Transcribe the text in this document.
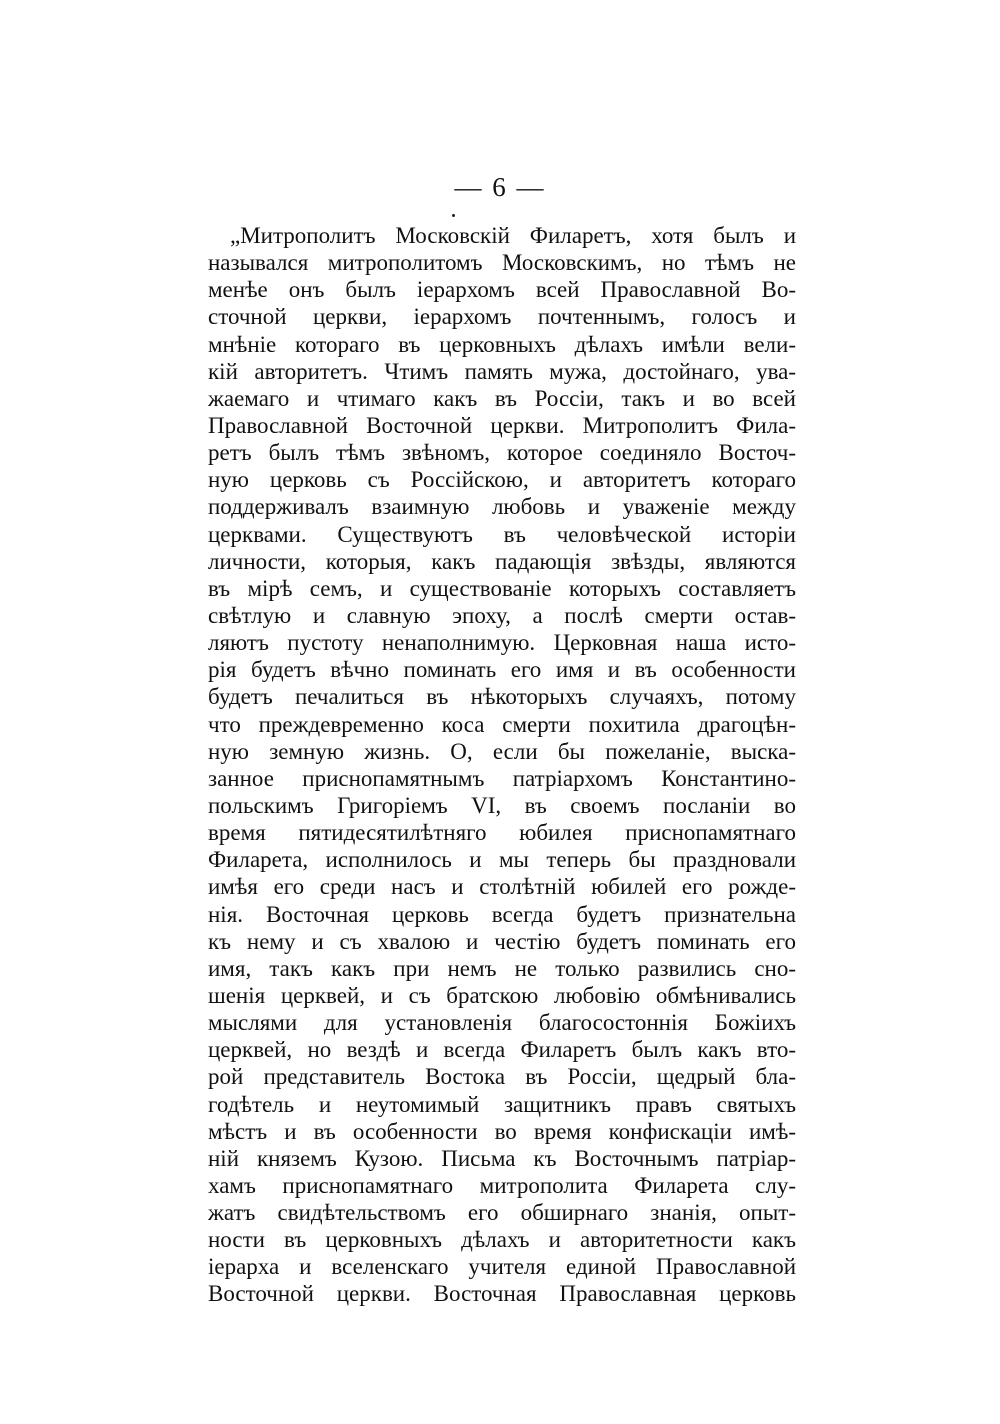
— 6 —
„Митрополитъ Московскій Филаретъ, хотя былъ и
назывался митрополитомъ Московскимъ, но тѣмъ не
менѣе онъ былъ іерархомъ всей Православной Во-
сточной церкви, іерархомъ почтеннымъ, голосъ и
мнѣніе котораго въ церковныхъ дѣлахъ имѣли вели-
кій авторитетъ. Чтимъ память мужа, достойнаго, ува-
жаемаго и чтимаго какъ въ Россіи, такъ и во всей
Православной Восточной церкви. Митрополитъ Фила-
ретъ былъ тѣмъ звѣномъ, которое соединяло Восточ-
ную церковь съ Россійскою, и авторитетъ котораго
поддерживалъ взаимную любовь и уваженіе между
церквами. Существуютъ въ человѣческой исторіи
личности, которыя, какъ падающія звѣзды, являются
въ мірѣ семъ, и существованіе которыхъ составляетъ
свѣтлую и славную эпоху, а послѣ смерти остав-
ляютъ пустоту ненаполнимую. Церковная наша исто-
рія будетъ вѣчно поминать его имя и въ особенности
будетъ печалиться въ нѣкоторыхъ случаяхъ, потому
что преждевременно коса смерти похитила драгоцѣн-
ную земную жизнь. О, если бы пожеланіе, выска-
занное приснопамятнымъ патріархомъ Константино-
польскимъ Григоріемъ VI, въ своемъ посланіи во
время пятидесятилѣтняго юбилея приснопамятнаго
Филарета, исполнилось и мы теперь бы праздновали
имѣя его среди насъ и столѣтній юбилей его рожде-
нія. Восточная церковь всегда будетъ признательна
къ нему и съ хвалою и честію будетъ поминать его
имя, такъ какъ при немъ не только развились сно-
шенія церквей, и съ братскою любовію обмѣнивались
мыслями для установленія благосостоннія Божіихъ
церквей, но вездѣ и всегда Филаретъ былъ какъ вто-
рой представитель Востока въ Россіи, щедрый бла-
годѣтель и неутомимый защитникъ правъ святыхъ
мѣстъ и въ особенности во время конфискаціи имѣ-
ній княземъ Кузою. Письма къ Восточнымъ патріар-
хамъ приснопамятнаго митрополита Филарета слу-
жатъ свидѣтельствомъ его обширнаго знанія, опыт-
ности въ церковныхъ дѣлахъ и авторитетности какъ
іерарха и вселенскаго учителя единой Православной
Восточной церкви. Восточная Православная церковь
